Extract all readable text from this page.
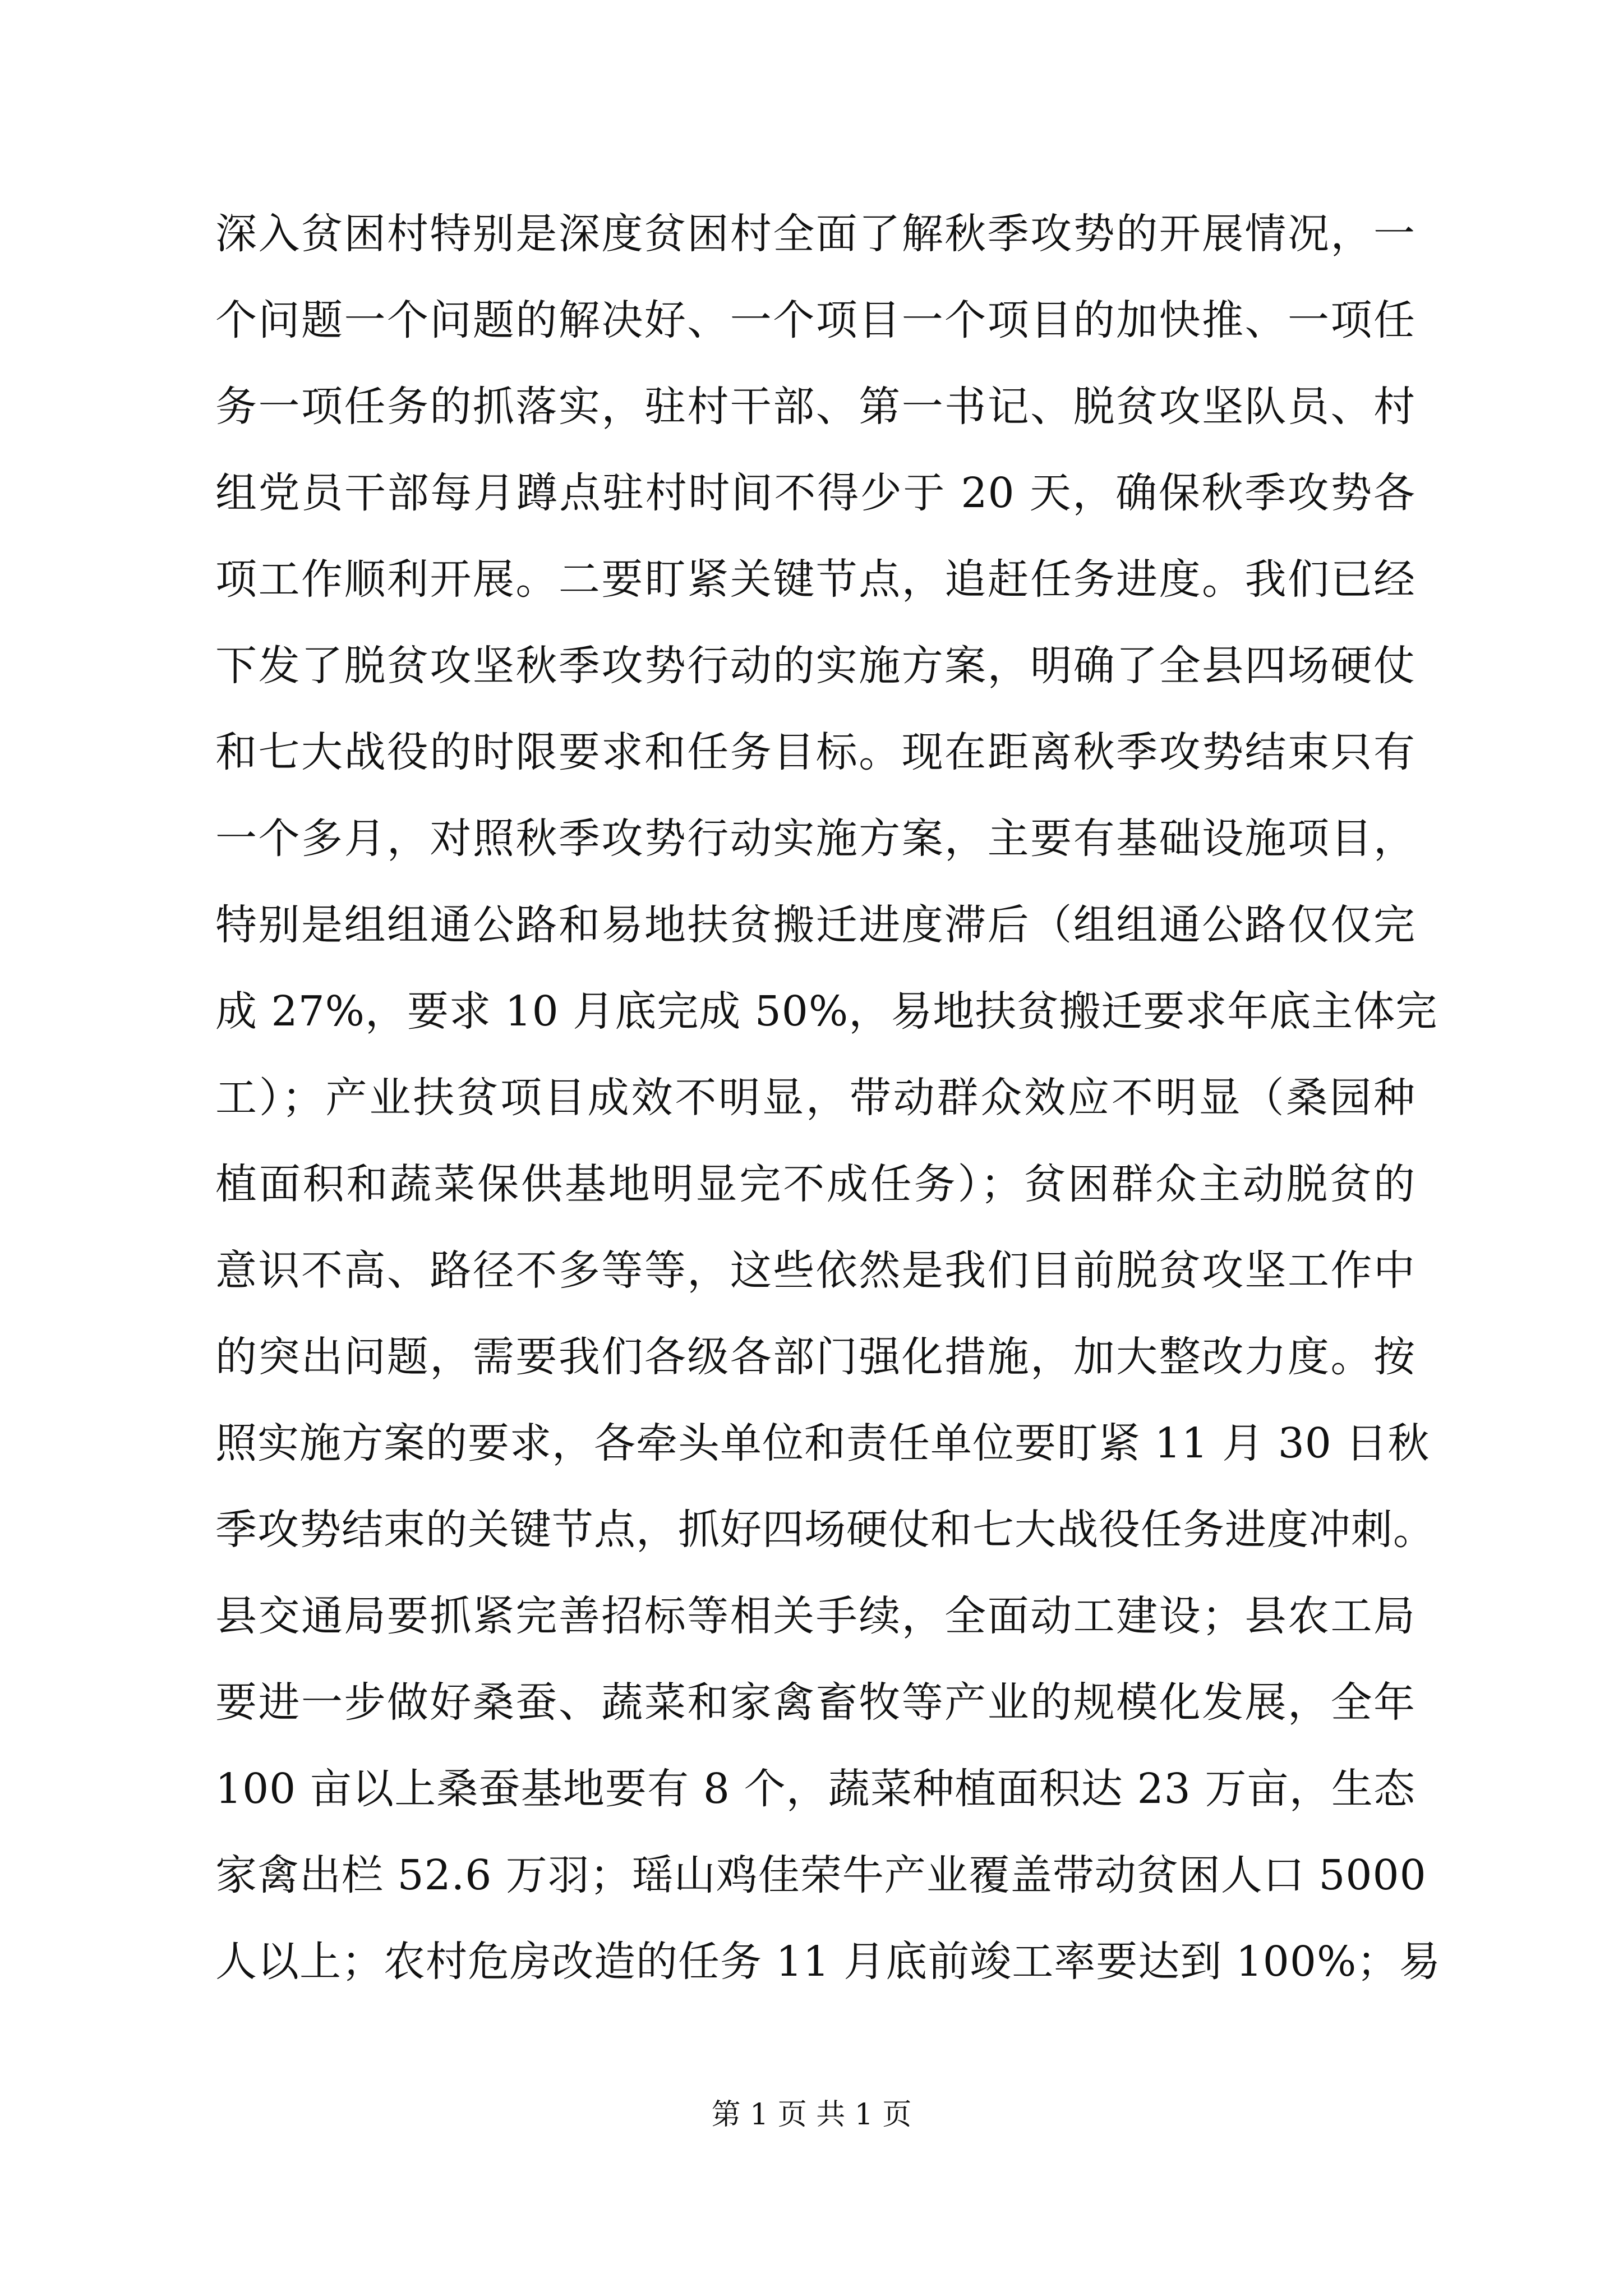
深入贫困村特别是深度贫困村全面了解秋季攻势的开展情况，一
个问题一个问题的解决好、一个项目一个项目的加快推、一项任
务一项任务的抓落实，驻村干部、第一书记、脱贫攻坚队员、村
组党员干部每月蹲点驻村时间不得少于 20 天，确保秋季攻势各
项工作顺利开展。二要盯紧关键节点，追赶任务进度。我们已经
下发了脱贫攻坚秋季攻势行动的实施方案，明确了全县四场硬仗
和七大战役的时限要求和任务目标。现在距离秋季攻势结束只有
一个多月，对照秋季攻势行动实施方案，主要有基础设施项目，
特别是组组通公路和易地扶贫搬迁进度滞后（组组通公路仅仅完
成 27%，要求 10 月底完成 50%，易地扶贫搬迁要求年底主体完
工）；产业扶贫项目成效不明显，带动群众效应不明显（桑园种
植面积和蔬菜保供基地明显完不成任务）；贫困群众主动脱贫的
意识不高、路径不多等等，这些依然是我们目前脱贫攻坚工作中
的突出问题，需要我们各级各部门强化措施，加大整改力度。按
照实施方案的要求，各牵头单位和责任单位要盯紧 11 月 30 日秋
季攻势结束的关键节点，抓好四场硬仗和七大战役任务进度冲刺。
县交通局要抓紧完善招标等相关手续，全面动工建设；县农工局
要进一步做好桑蚕、蔬菜和家禽畜牧等产业的规模化发展，全年
100 亩以上桑蚕基地要有 8 个，蔬菜种植面积达 23 万亩，生态
家禽出栏 52.6 万羽；瑶山鸡佳荣牛产业覆盖带动贫困人口 5000
人以上；农村危房改造的任务 11 月底前竣工率要达到 100%；易
第 1 页 共 1 页
